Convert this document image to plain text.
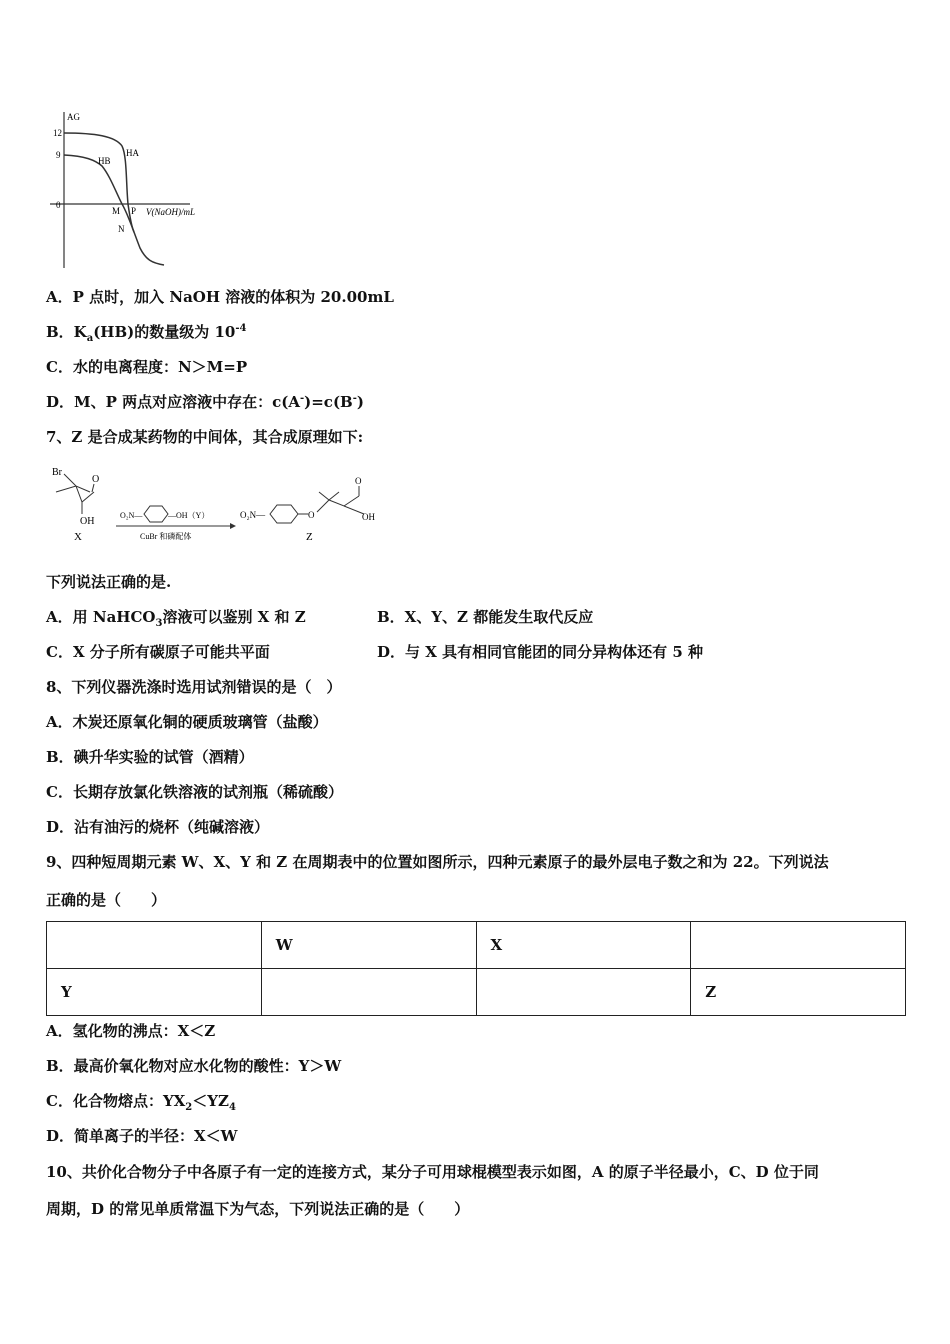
AG
12
9
0
V(NaOH)/mL
HA
HB
M P
N
A．P 点时，加入 NaOH 溶液的体积为 20.00mL
B．$K_a(HB)$的数量级为 $10^{-4}$
C．水的电离程度：N＞M=P
D．M、P 两点对应溶液中存在：c(A-)=c(B-)
7、Z 是合成某药物的中间体，其合成原理如下:
Br
O
OH
X
O₂N—	—OH（Y）
CuBr 和磷配体
O₂N—	O
O
OH
Z
下列说法正确的是.
A．用 NaHCO$_3$溶液可以鉴别 X 和 Z	B．X、Y、Z 都能发生取代反应
C．X 分子所有碳原子可能共平面	D．与 X 具有相同官能团的同分异构体还有 5 种
8、下列仪器洗涤时选用试剂错误的是（　）
A．木炭还原氧化铜的硬质玻璃管（盐酸）
B．碘升华实验的试管（酒精）
C．长期存放氯化铁溶液的试剂瓶（稀硫酸）
D．沾有油污的烧杯（纯碱溶液）
9、四种短周期元素 W、X、Y 和 Z 在周期表中的位置如图所示，四种元素原子的最外层电子数之和为 22。下列说法
正确的是（　　）
	W	X	
Y			Z
A．氢化物的沸点：X＜Z
B．最高价氧化物对应水化物的酸性：Y＞W
C．化合物熔点：$YX_2<YZ_4$
D．简单离子的半径：X＜W
10、共价化合物分子中各原子有一定的连接方式，某分子可用球棍模型表示如图，A 的原子半径最小，C、D 位于同
周期，D 的常见单质常温下为气态，下列说法正确的是（　　）
